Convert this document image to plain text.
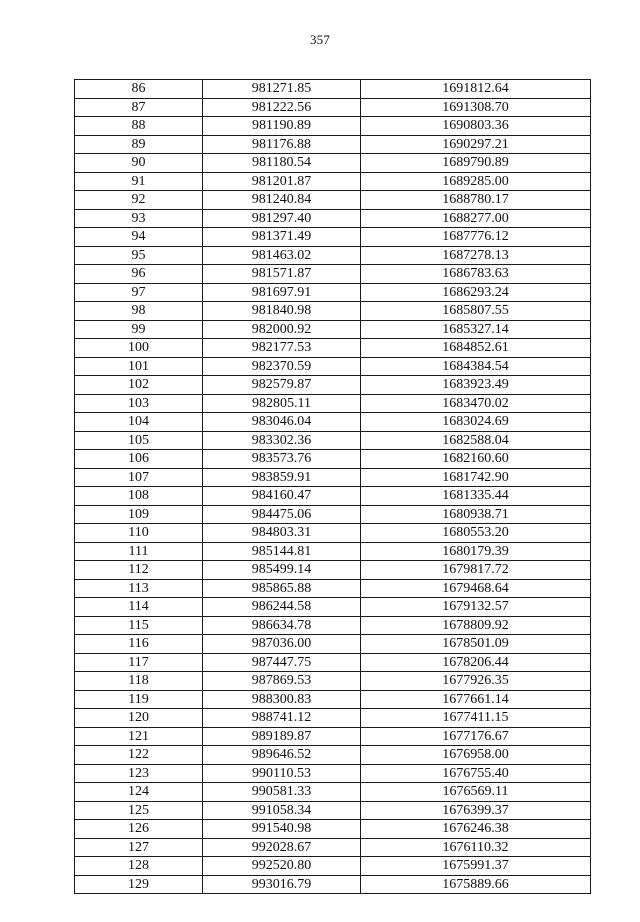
357
86	981271.85	1691812.64
87	981222.56	1691308.70
88	981190.89	1690803.36
89	981176.88	1690297.21
90	981180.54	1689790.89
91	981201.87	1689285.00
92	981240.84	1688780.17
93	981297.40	1688277.00
94	981371.49	1687776.12
95	981463.02	1687278.13
96	981571.87	1686783.63
97	981697.91	1686293.24
98	981840.98	1685807.55
99	982000.92	1685327.14
100	982177.53	1684852.61
101	982370.59	1684384.54
102	982579.87	1683923.49
103	982805.11	1683470.02
104	983046.04	1683024.69
105	983302.36	1682588.04
106	983573.76	1682160.60
107	983859.91	1681742.90
108	984160.47	1681335.44
109	984475.06	1680938.71
110	984803.31	1680553.20
111	985144.81	1680179.39
112	985499.14	1679817.72
113	985865.88	1679468.64
114	986244.58	1679132.57
115	986634.78	1678809.92
116	987036.00	1678501.09
117	987447.75	1678206.44
118	987869.53	1677926.35
119	988300.83	1677661.14
120	988741.12	1677411.15
121	989189.87	1677176.67
122	989646.52	1676958.00
123	990110.53	1676755.40
124	990581.33	1676569.11
125	991058.34	1676399.37
126	991540.98	1676246.38
127	992028.67	1676110.32
128	992520.80	1675991.37
129	993016.79	1675889.66
